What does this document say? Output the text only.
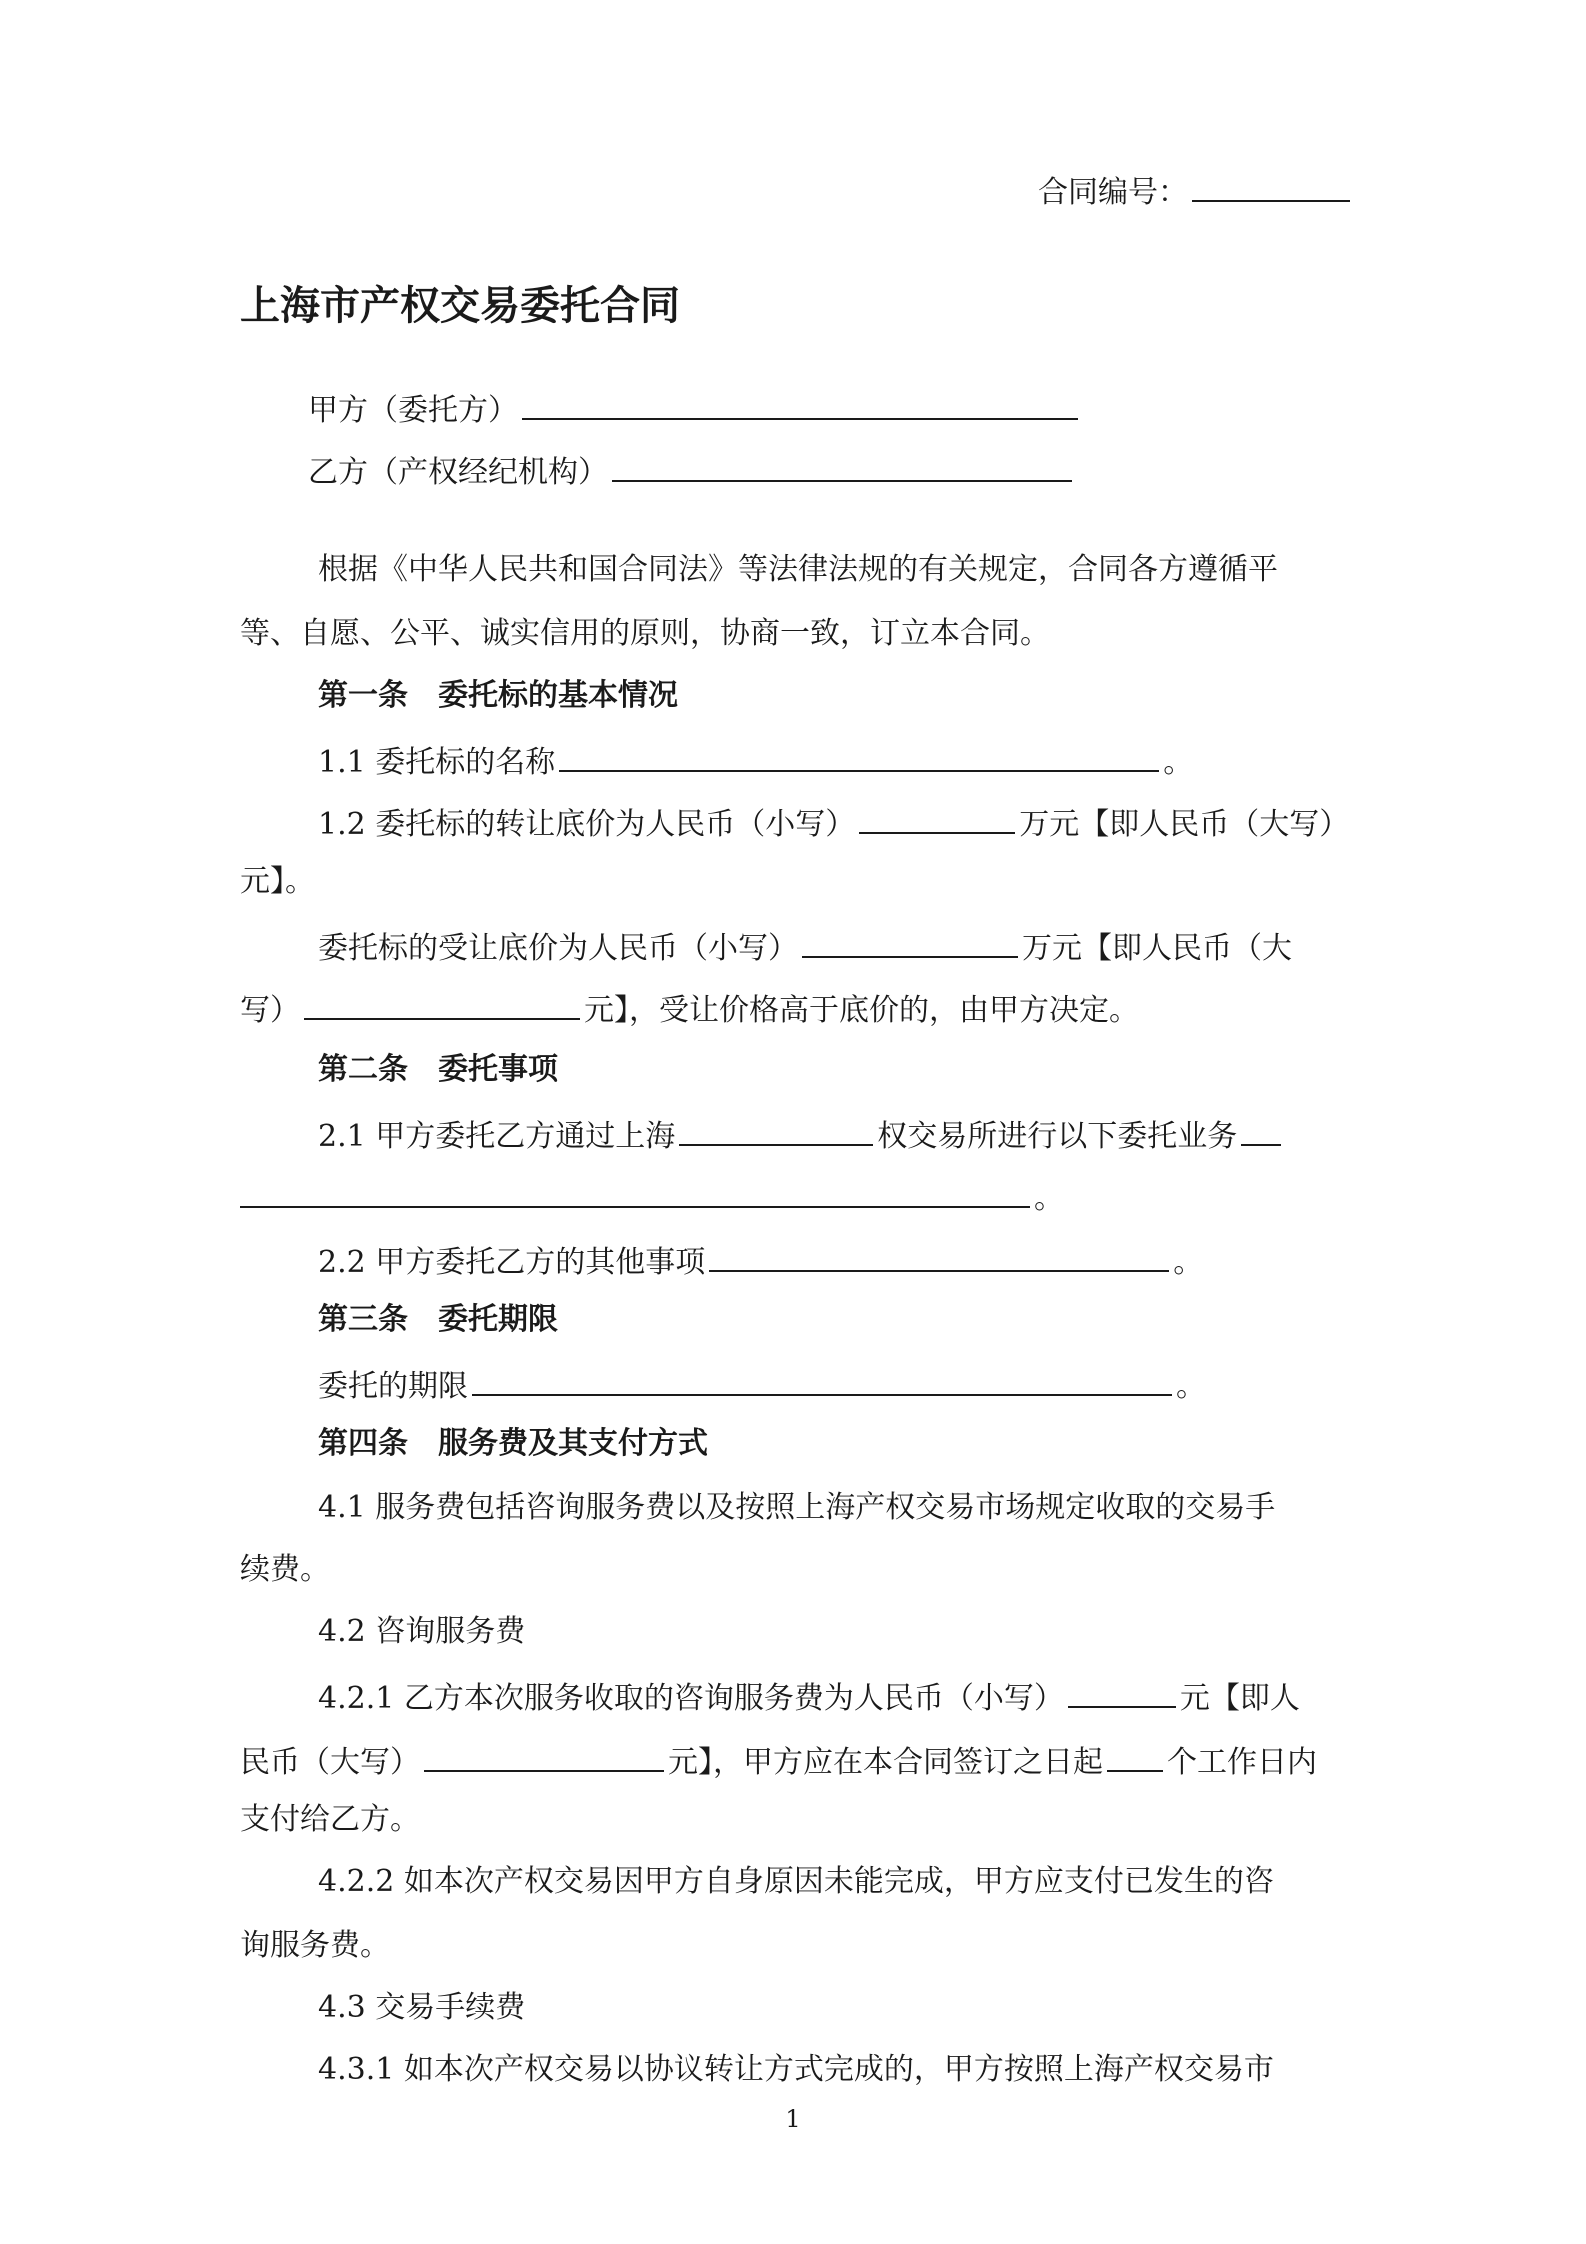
合同编号：
上海市产权交易委托合同
甲方（委托方）
乙方（产权经纪机构）
根据《中华人民共和国合同法》等法律法规的有关规定，合同各方遵循平
等、自愿、公平、诚实信用的原则，协商一致，订立本合同。
第一条　委托标的基本情况
1.1 委托标的名称	。
1.2 委托标的转让底价为人民币（小写）	万元【即人民币（大写）
元】。
委托标的受让底价为人民币（小写）	万元【即人民币（大
写）	元】，受让价格高于底价的，由甲方决定。
第二条　委托事项
2.1 甲方委托乙方通过上海	权交易所进行以下委托业务
。
2.2 甲方委托乙方的其他事项	。
第三条　委托期限
委托的期限	。
第四条　服务费及其支付方式
4.1 服务费包括咨询服务费以及按照上海产权交易市场规定收取的交易手
续费。
4.2 咨询服务费
4.2.1 乙方本次服务收取的咨询服务费为人民币（小写）	元【即人
民币（大写）	元】，甲方应在本合同签订之日起 个工作日内
支付给乙方。
4.2.2 如本次产权交易因甲方自身原因未能完成，甲方应支付已发生的咨
询服务费。
4.3 交易手续费
4.3.1 如本次产权交易以协议转让方式完成的，甲方按照上海产权交易市
1
